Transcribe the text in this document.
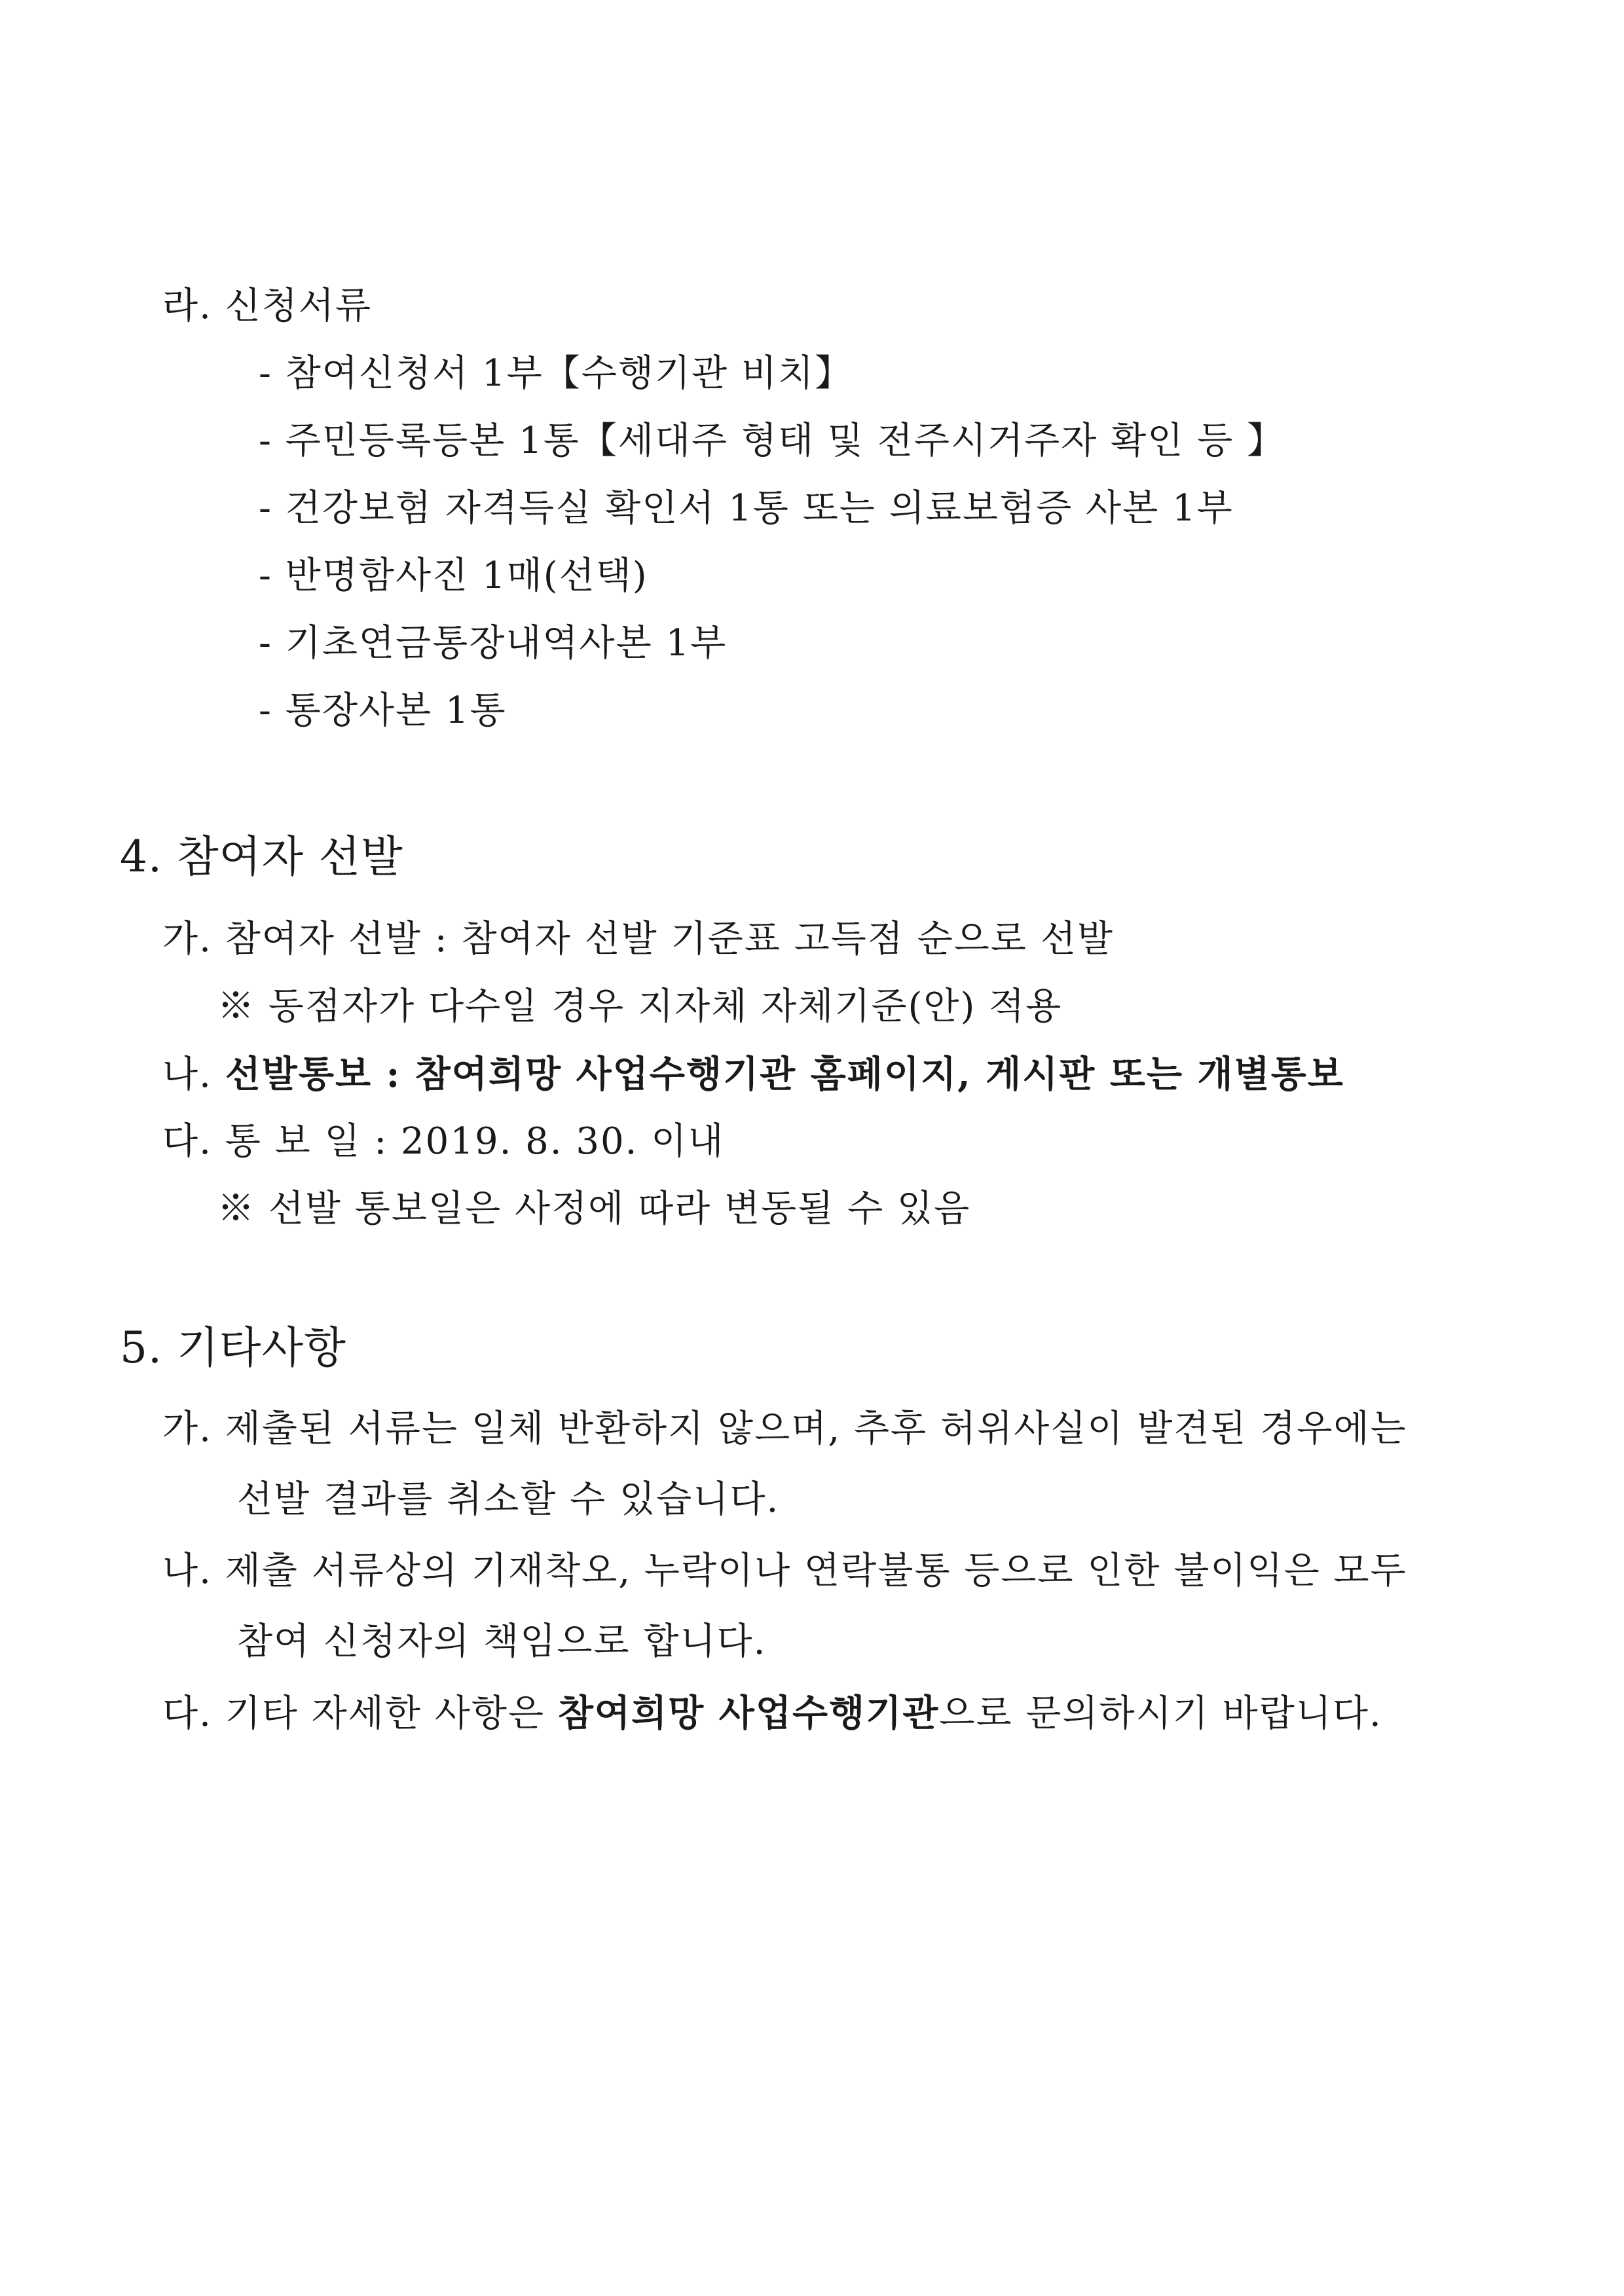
라. 신청서류
- 참여신청서 1부【수행기관 비치】
- 주민등록등본 1통【세대주 형태 및 전주시거주자 확인 등 】
- 건강보험 자격득실 확인서 1통 또는 의료보험증 사본 1부
- 반명함사진 1매(선택)
- 기초연금통장내역사본 1부
- 통장사본 1통
4. 참여자 선발
가. 참여자 선발 : 참여자 선발 기준표 고득점 순으로 선발
※ 동점자가 다수일 경우 지자체 자체기준(안) 적용
나. 선발통보 : 참여희망 사업수행기관 홈페이지, 게시판 또는 개별통보
다. 통 보 일 : 2019. 8. 30. 이내
※ 선발 통보일은 사정에 따라 변동될 수 있음
5. 기타사항
가. 제출된 서류는 일체 반환하지 않으며, 추후 허위사실이 발견된 경우에는
선발 결과를 취소할 수 있습니다.
나. 제출 서류상의 기재착오, 누락이나 연락불통 등으로 인한 불이익은 모두
참여 신청자의 책임으로 합니다.
다. 기타 자세한 사항은 참여희망 사업수행기관으로 문의하시기 바랍니다.
